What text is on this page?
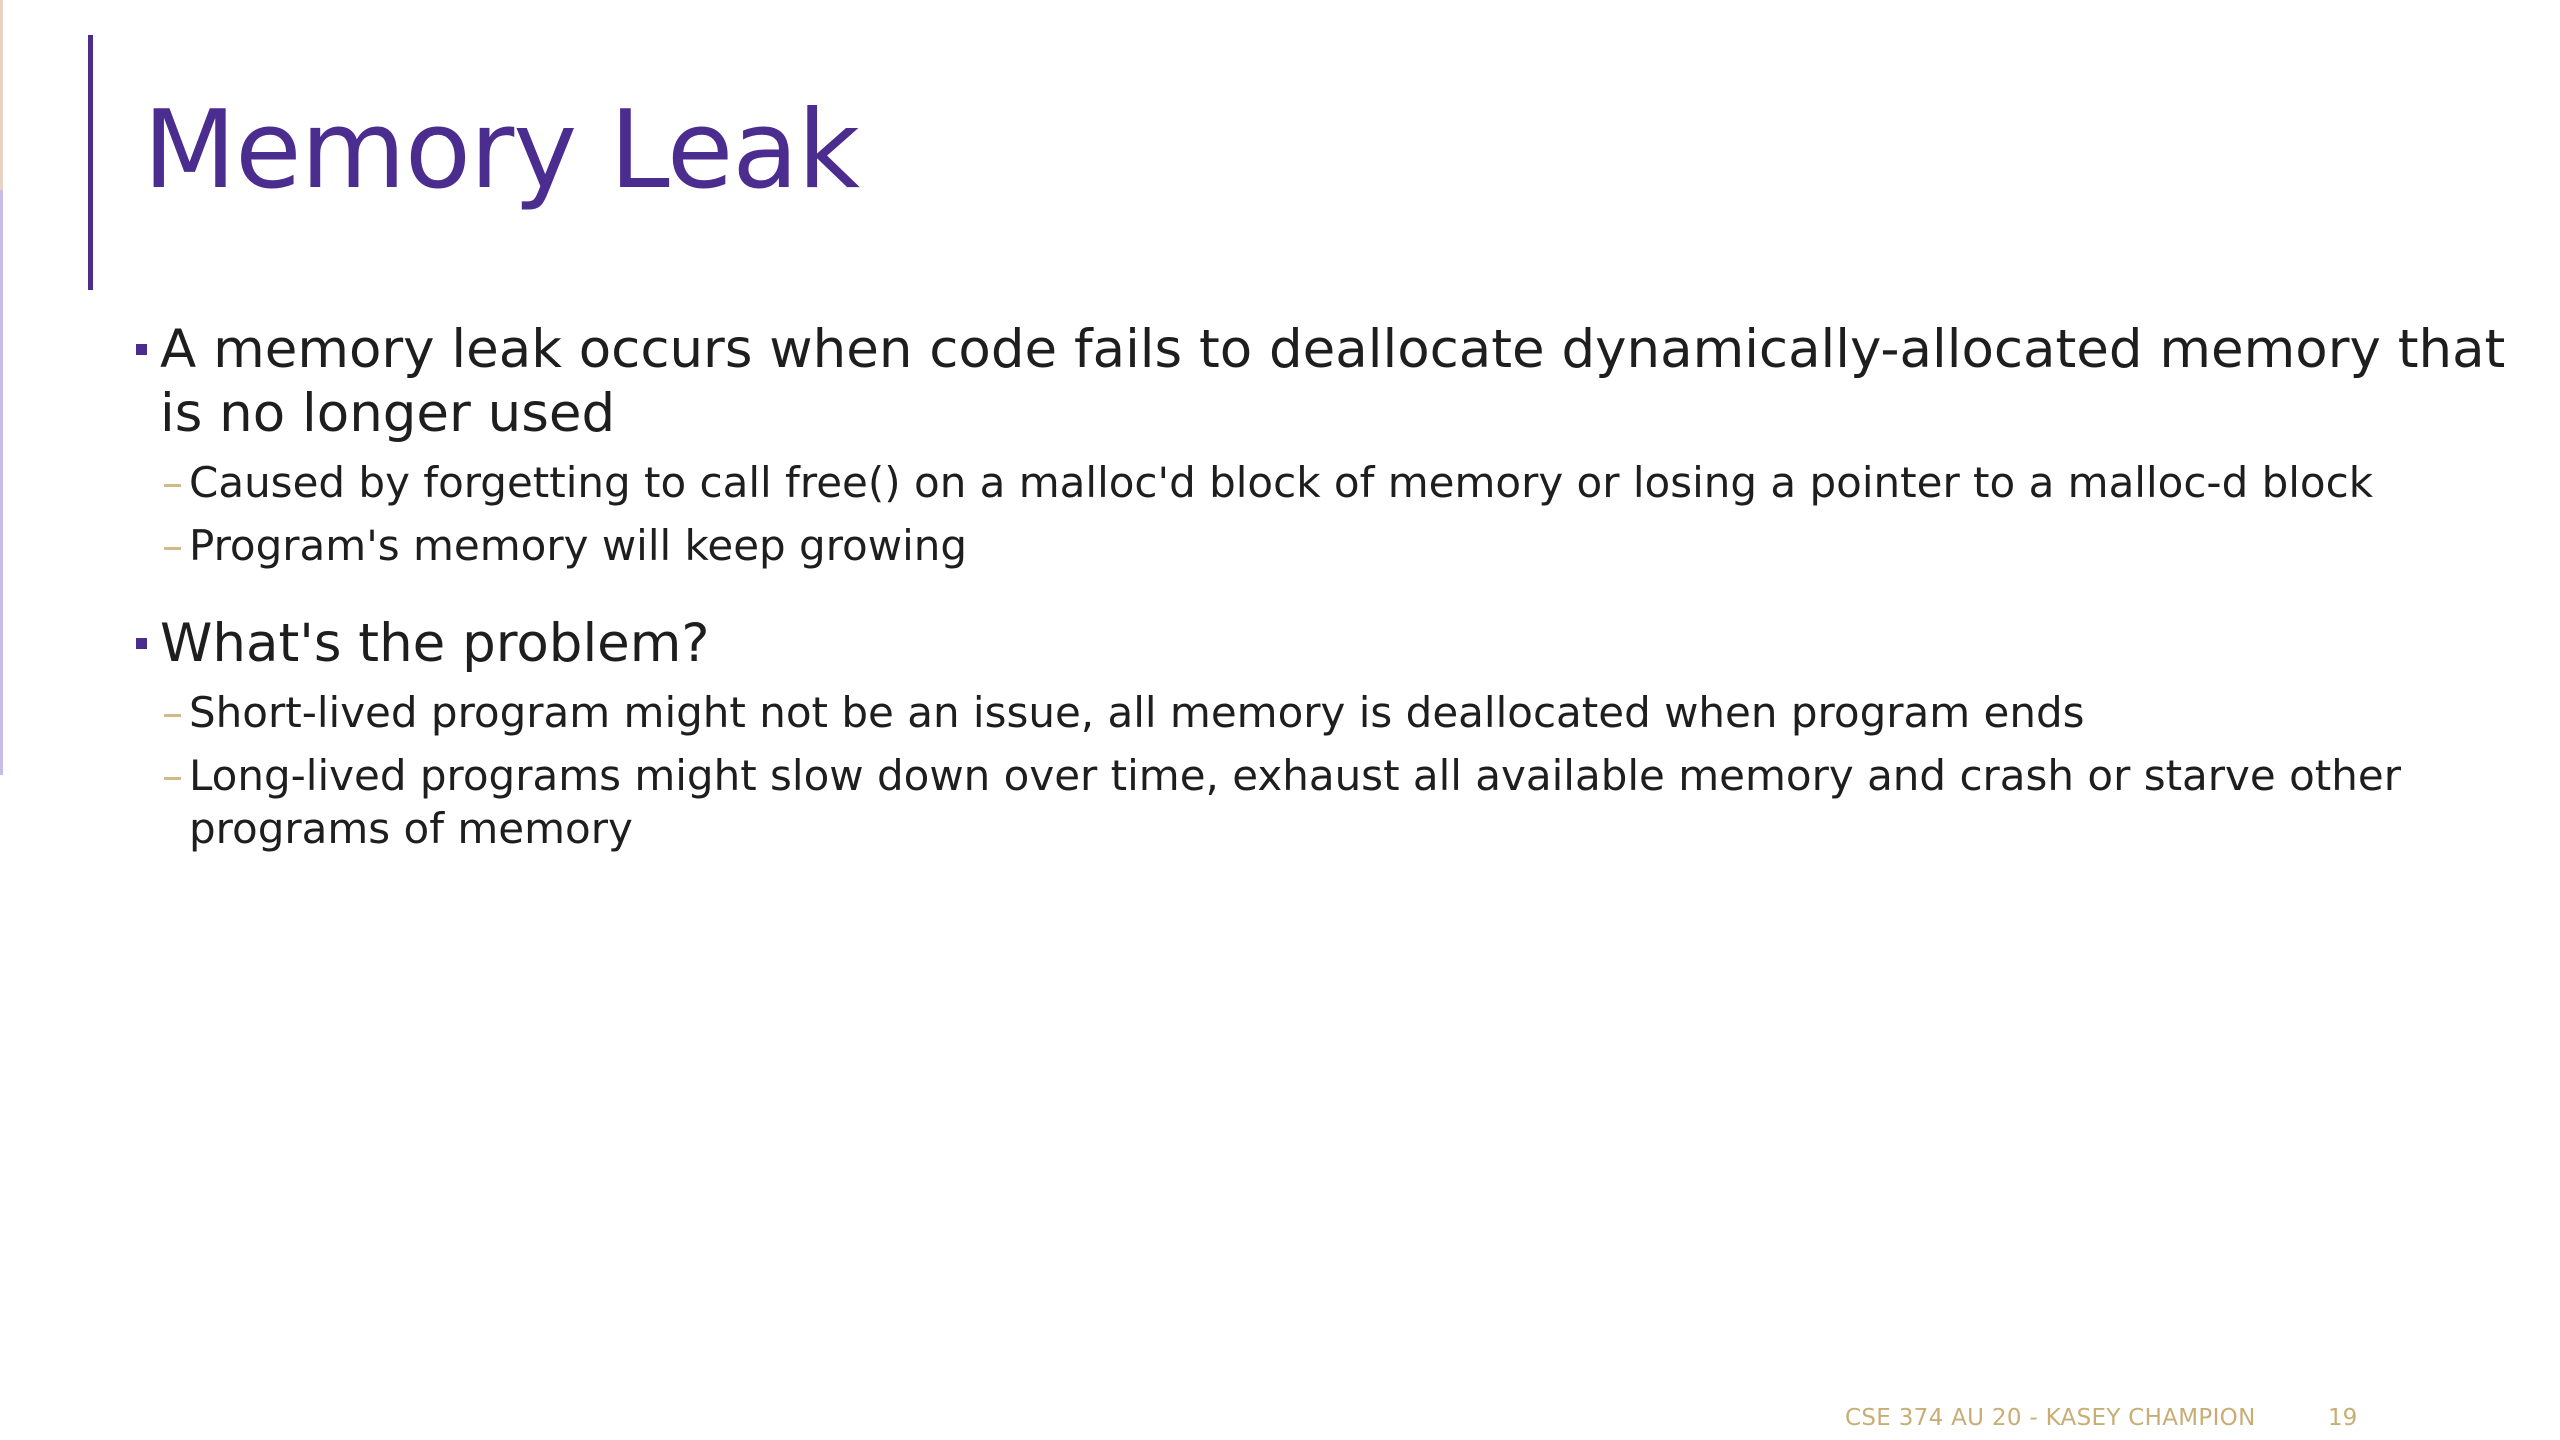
Memory Leak
A memory leak occurs when code fails to deallocate dynamically-allocated memory that is no longer used
– Caused by forgetting to call free() on a malloc'd block of memory or losing a pointer to a malloc-d block
– Program's memory will keep growing
What's the problem?
– Short-lived program might not be an issue, all memory is deallocated when program ends
– Long-lived programs might slow down over time, exhaust all available memory and crash or starve other programs of memory
CSE 374 AU 20 - KASEY CHAMPION	19
